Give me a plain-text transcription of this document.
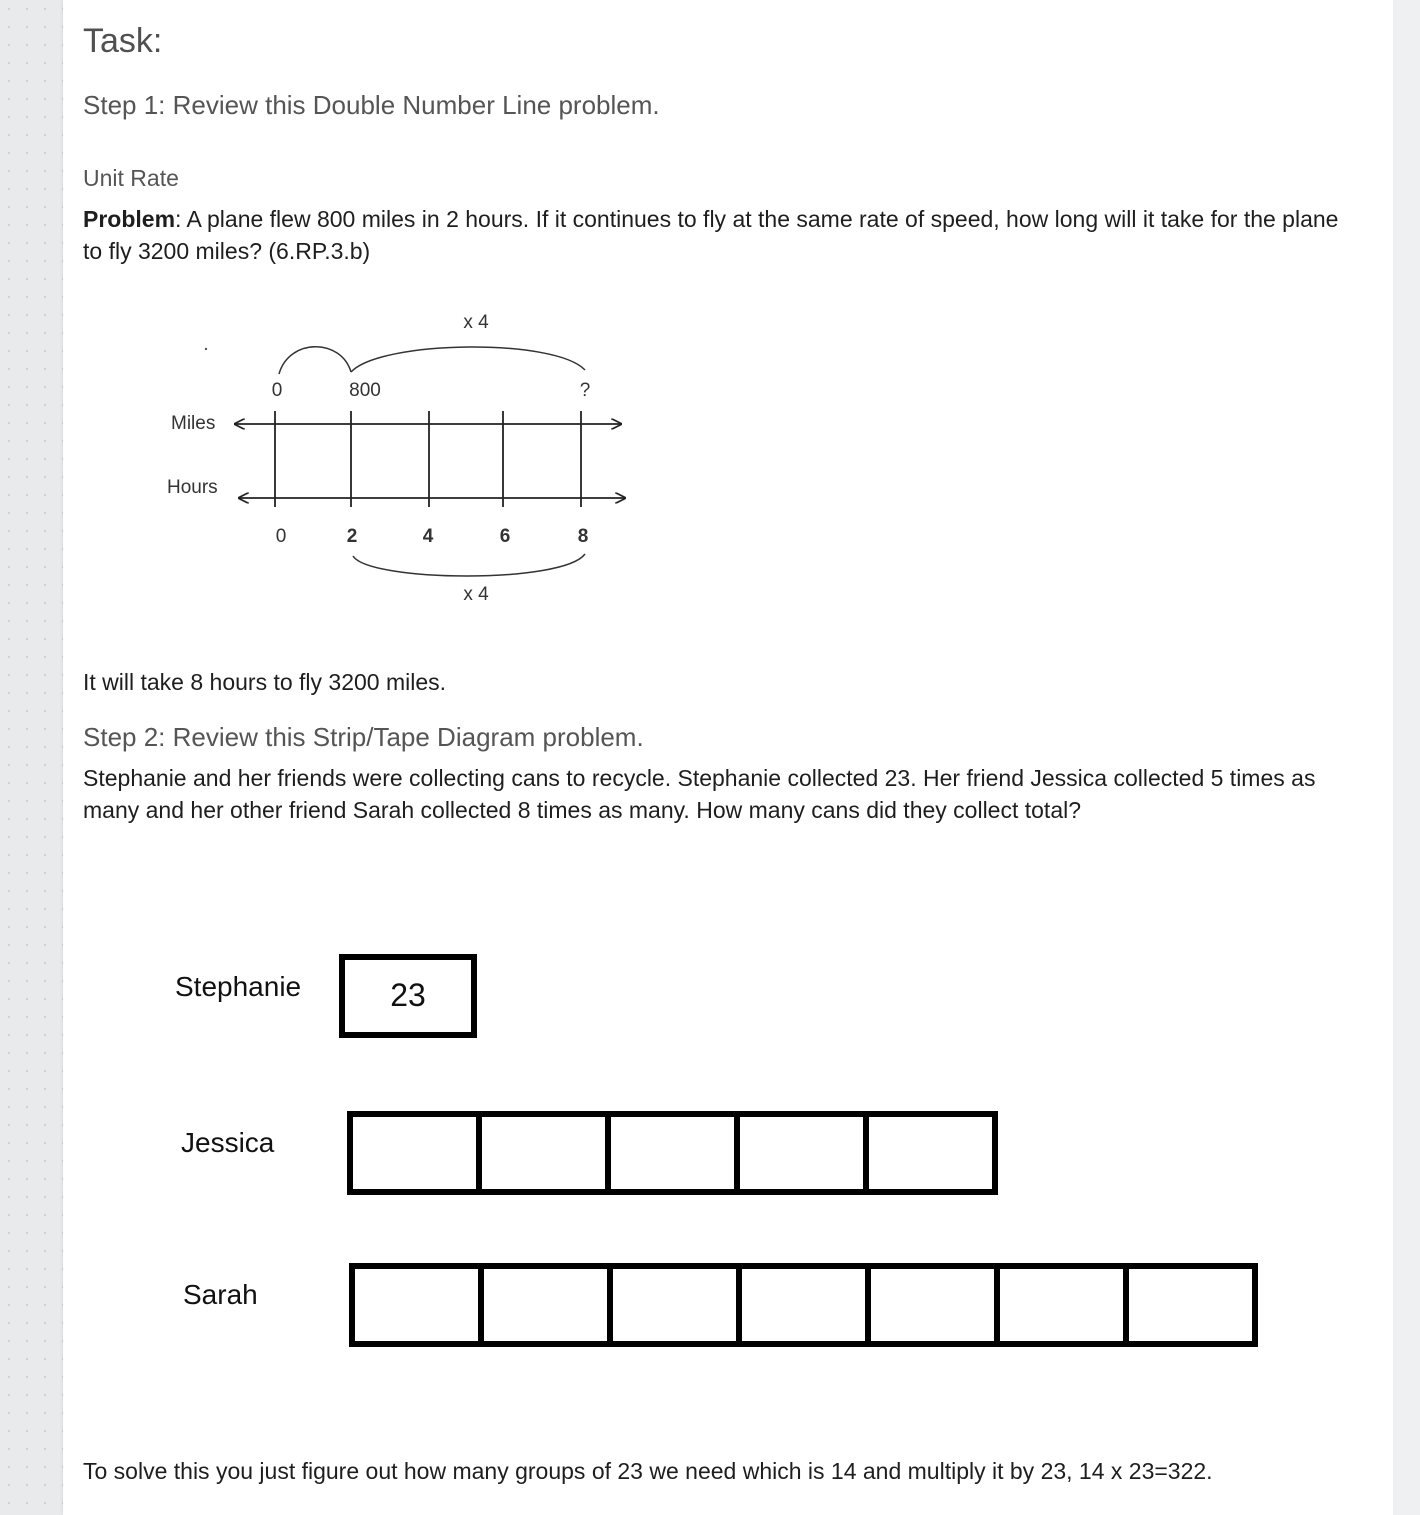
Task:
Step 1: Review this Double Number Line problem.
Unit Rate

Problem: A plane flew 800 miles in 2 hours. If it continues to fly at the same rate of speed, how long will it take for the plane to fly 3200 miles? (6.RP.3.b)

Miles
Hours
0	800	?
0	2	4	6	8
x 4
x 4

It will take 8 hours to fly 3200 miles.

Step 2: Review this Strip/Tape Diagram problem.

Stephanie and her friends were collecting cans to recycle. Stephanie collected 23. Her friend Jessica collected 5 times as many and her other friend Sarah collected 8 times as many. How many cans did they collect total?

Stephanie	23
Jessica
Sarah

To solve this you just figure out how many groups of 23 we need which is 14 and multiply it by 23, 14 x 23=322.
